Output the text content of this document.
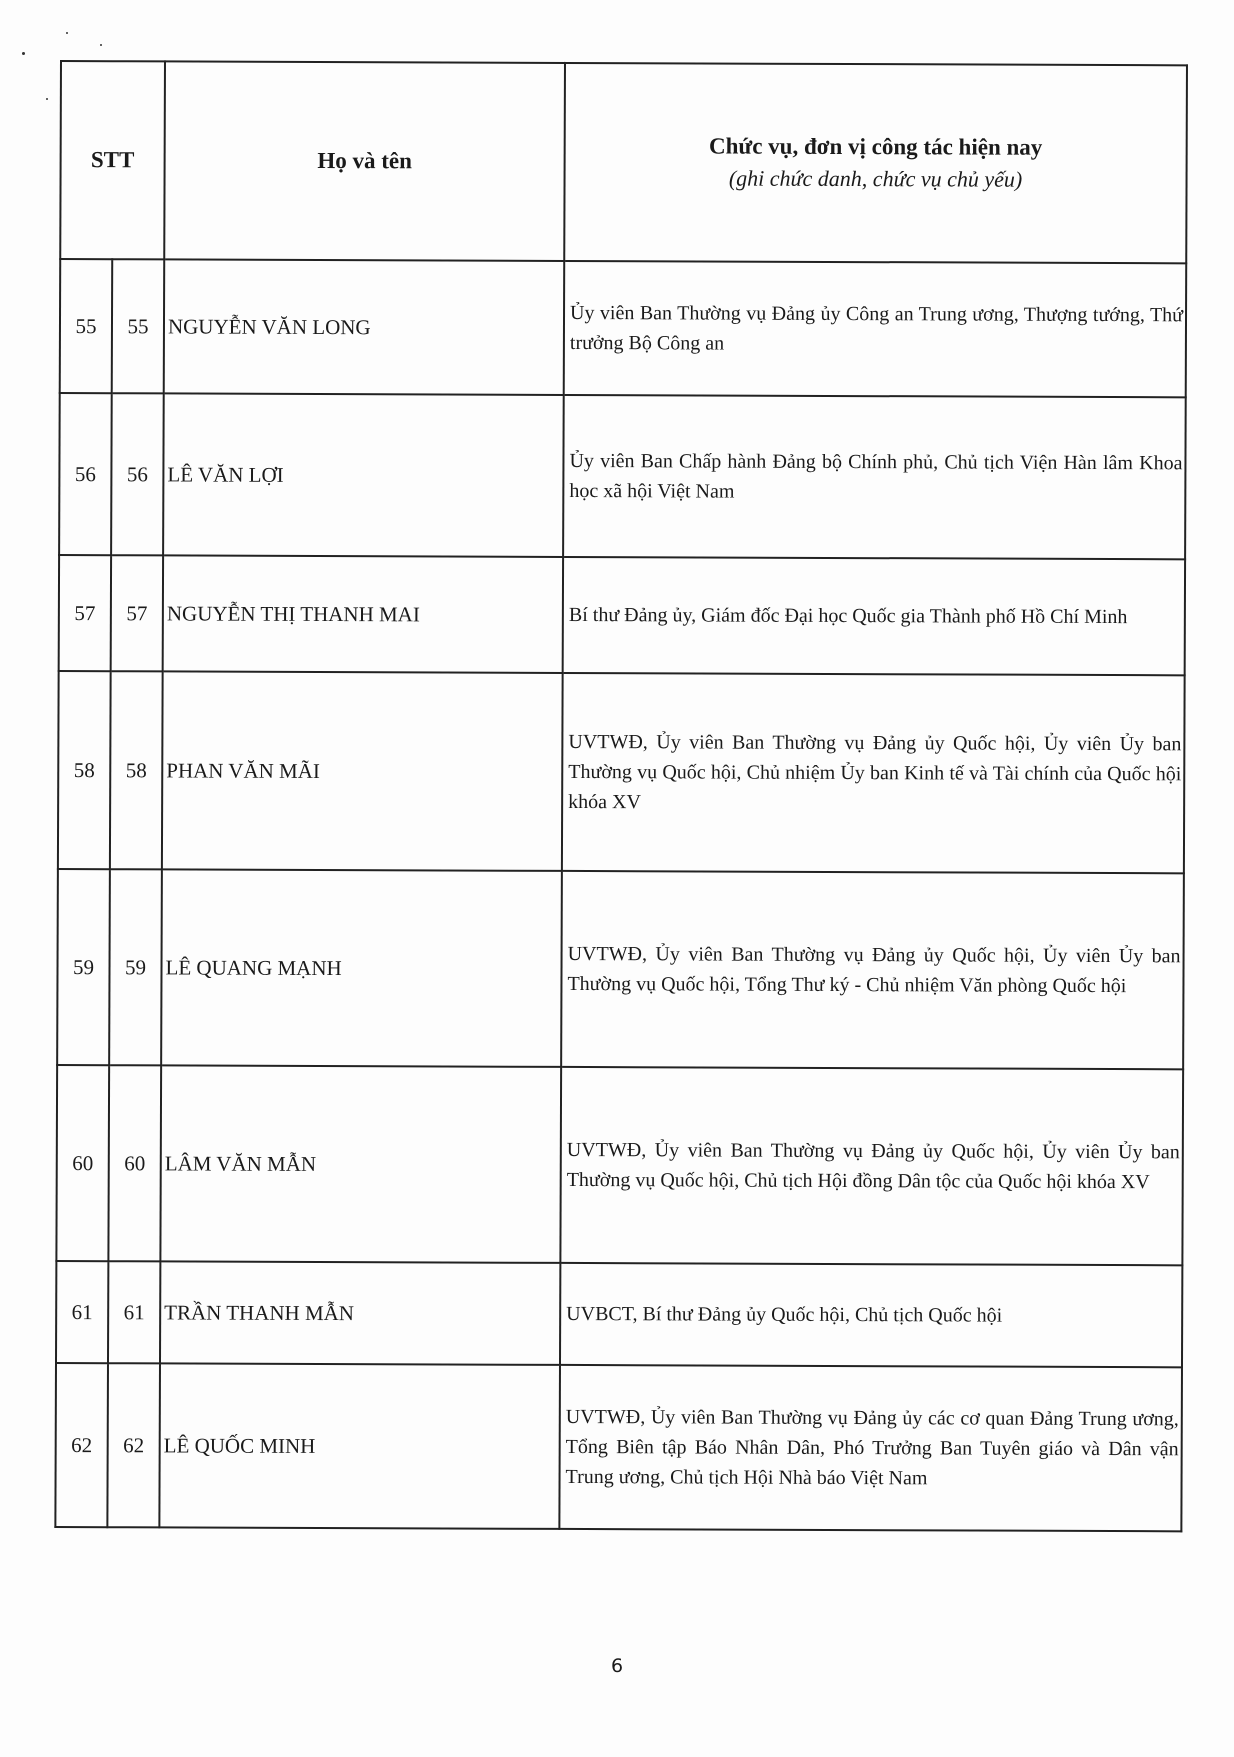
STT		Họ và tên	Chức vụ, đơn vị công tác hiện nay
(ghi chức danh, chức vụ chủ yếu)

55	55	NGUYỄN VĂN LONG	Ủy viên Ban Thường vụ Đảng ủy Công an Trung ương, Thượng tướng, Thứ trưởng Bộ Công an
56	56	LÊ VĂN LỢI	Ủy viên Ban Chấp hành Đảng bộ Chính phủ, Chủ tịch Viện Hàn lâm Khoa học xã hội Việt Nam
57	57	NGUYỄN THỊ THANH MAI	Bí thư Đảng ủy, Giám đốc Đại học Quốc gia Thành phố Hồ Chí Minh
58	58	PHAN VĂN MÃI	UVTWĐ, Ủy viên Ban Thường vụ Đảng ủy Quốc hội, Ủy viên Ủy ban Thường vụ Quốc hội, Chủ nhiệm Ủy ban Kinh tế và Tài chính của Quốc hội khóa XV
59	59	LÊ QUANG MẠNH	UVTWĐ, Ủy viên Ban Thường vụ Đảng ủy Quốc hội, Ủy viên Ủy ban Thường vụ Quốc hội, Tổng Thư ký - Chủ nhiệm Văn phòng Quốc hội
60	60	LÂM VĂN MẪN	UVTWĐ, Ủy viên Ban Thường vụ Đảng ủy Quốc hội, Ủy viên Ủy ban Thường vụ Quốc hội, Chủ tịch Hội đồng Dân tộc của Quốc hội khóa XV
61	61	TRẦN THANH MẪN	UVBCT, Bí thư Đảng ủy Quốc hội, Chủ tịch Quốc hội
62	62	LÊ QUỐC MINH	UVTWĐ, Ủy viên Ban Thường vụ Đảng ủy các cơ quan Đảng Trung ương, Tổng Biên tập Báo Nhân Dân, Phó Trưởng Ban Tuyên giáo và Dân vận Trung ương, Chủ tịch Hội Nhà báo Việt Nam
6
